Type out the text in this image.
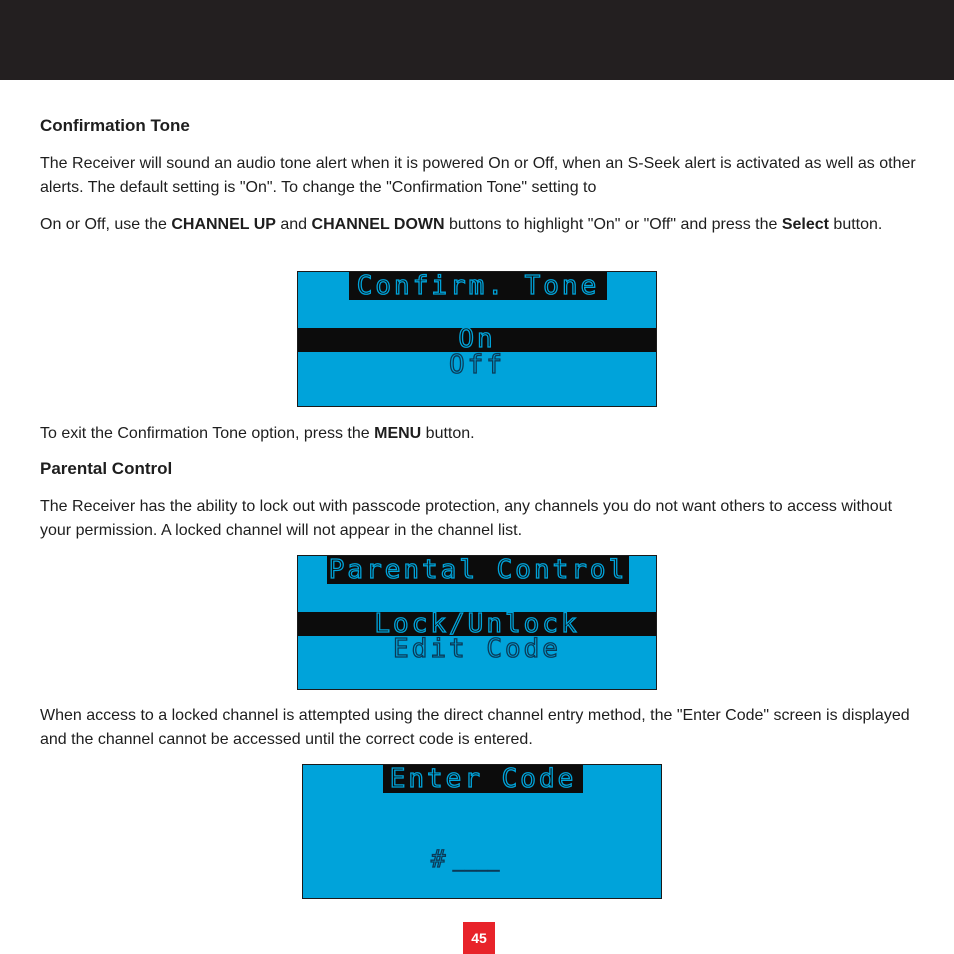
Confirmation Tone
The Receiver will sound an audio tone alert when it is powered On or Off, when an S-Seek alert is activated as well as other alerts. The default setting is "On". To change the "Confirmation Tone" setting to
On or Off, use the CHANNEL UP and CHANNEL DOWN buttons to highlight "On" or "Off" and press the Select button.
Confirm. Tone
On
Off
To exit the Confirmation Tone option, press the MENU button.
Parental Control
The Receiver has the ability to lock out with passcode protection, any channels you do not want others to access without your permission. A locked channel will not appear in the channel list.
Parental Control
Lock/Unlock
Edit Code
When access to a locked channel is attempted using the direct channel entry method, the "Enter Code" screen is displayed and the channel cannot be accessed until the correct code is entered.
Enter Code
# ____
45
